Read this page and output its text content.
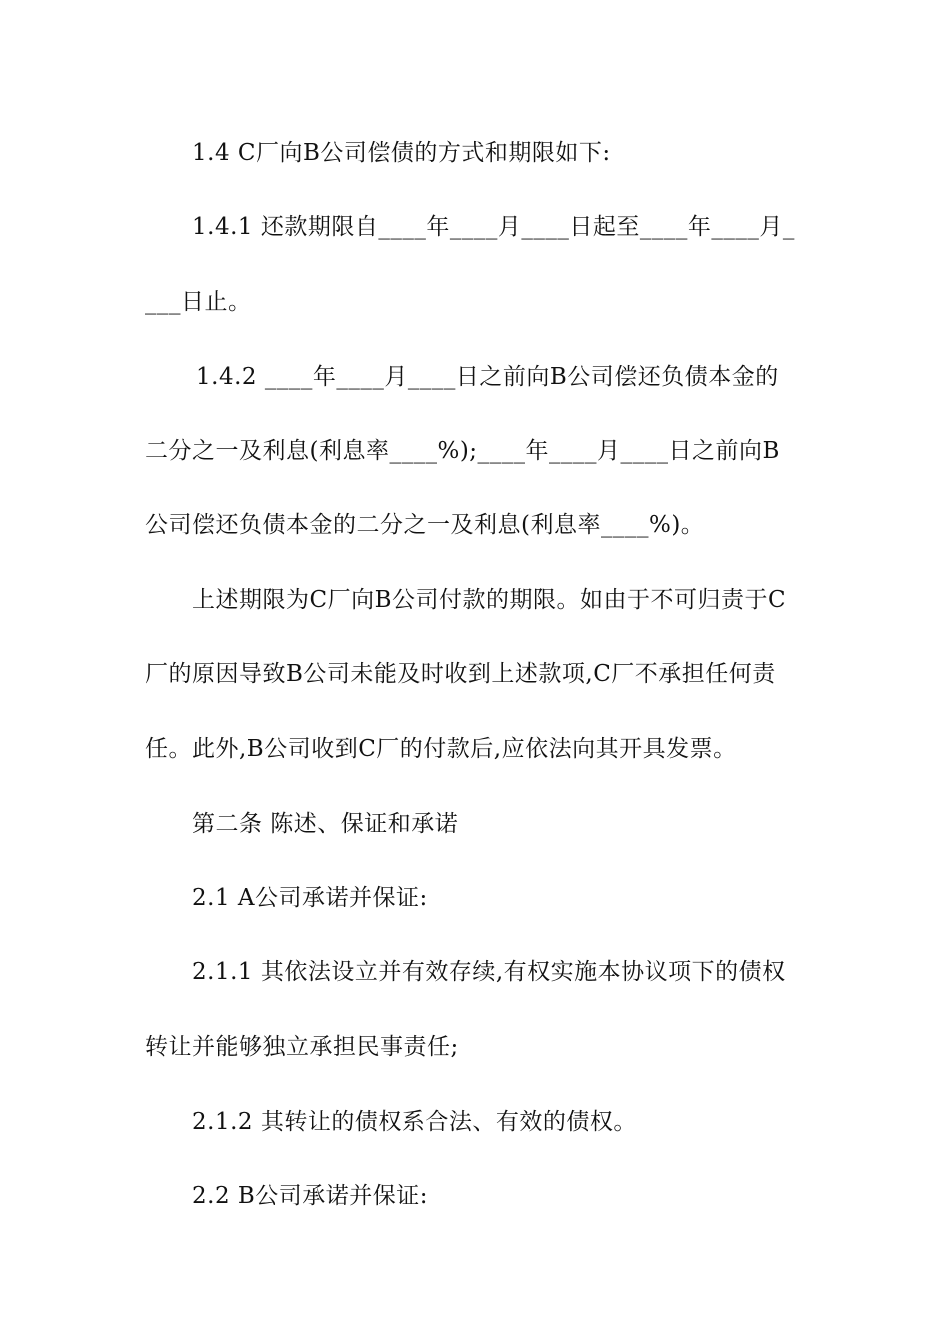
1.4 C厂向B公司偿债的方式和期限如下:
1.4.1 还款期限自____年____月____日起至____年____月_
___日止。
1.4.2 ____年____月____日之前向B公司偿还负债本金的
二分之一及利息(利息率____%);____年____月____日之前向B
公司偿还负债本金的二分之一及利息(利息率____%)。
上述期限为C厂向B公司付款的期限。如由于不可归责于C
厂的原因导致B公司未能及时收到上述款项,C厂不承担任何责
任。此外,B公司收到C厂的付款后,应依法向其开具发票。
第二条 陈述、保证和承诺
2.1 A公司承诺并保证:
2.1.1 其依法设立并有效存续,有权实施本协议项下的债权
转让并能够独立承担民事责任;
2.1.2 其转让的债权系合法、有效的债权。
2.2 B公司承诺并保证:
